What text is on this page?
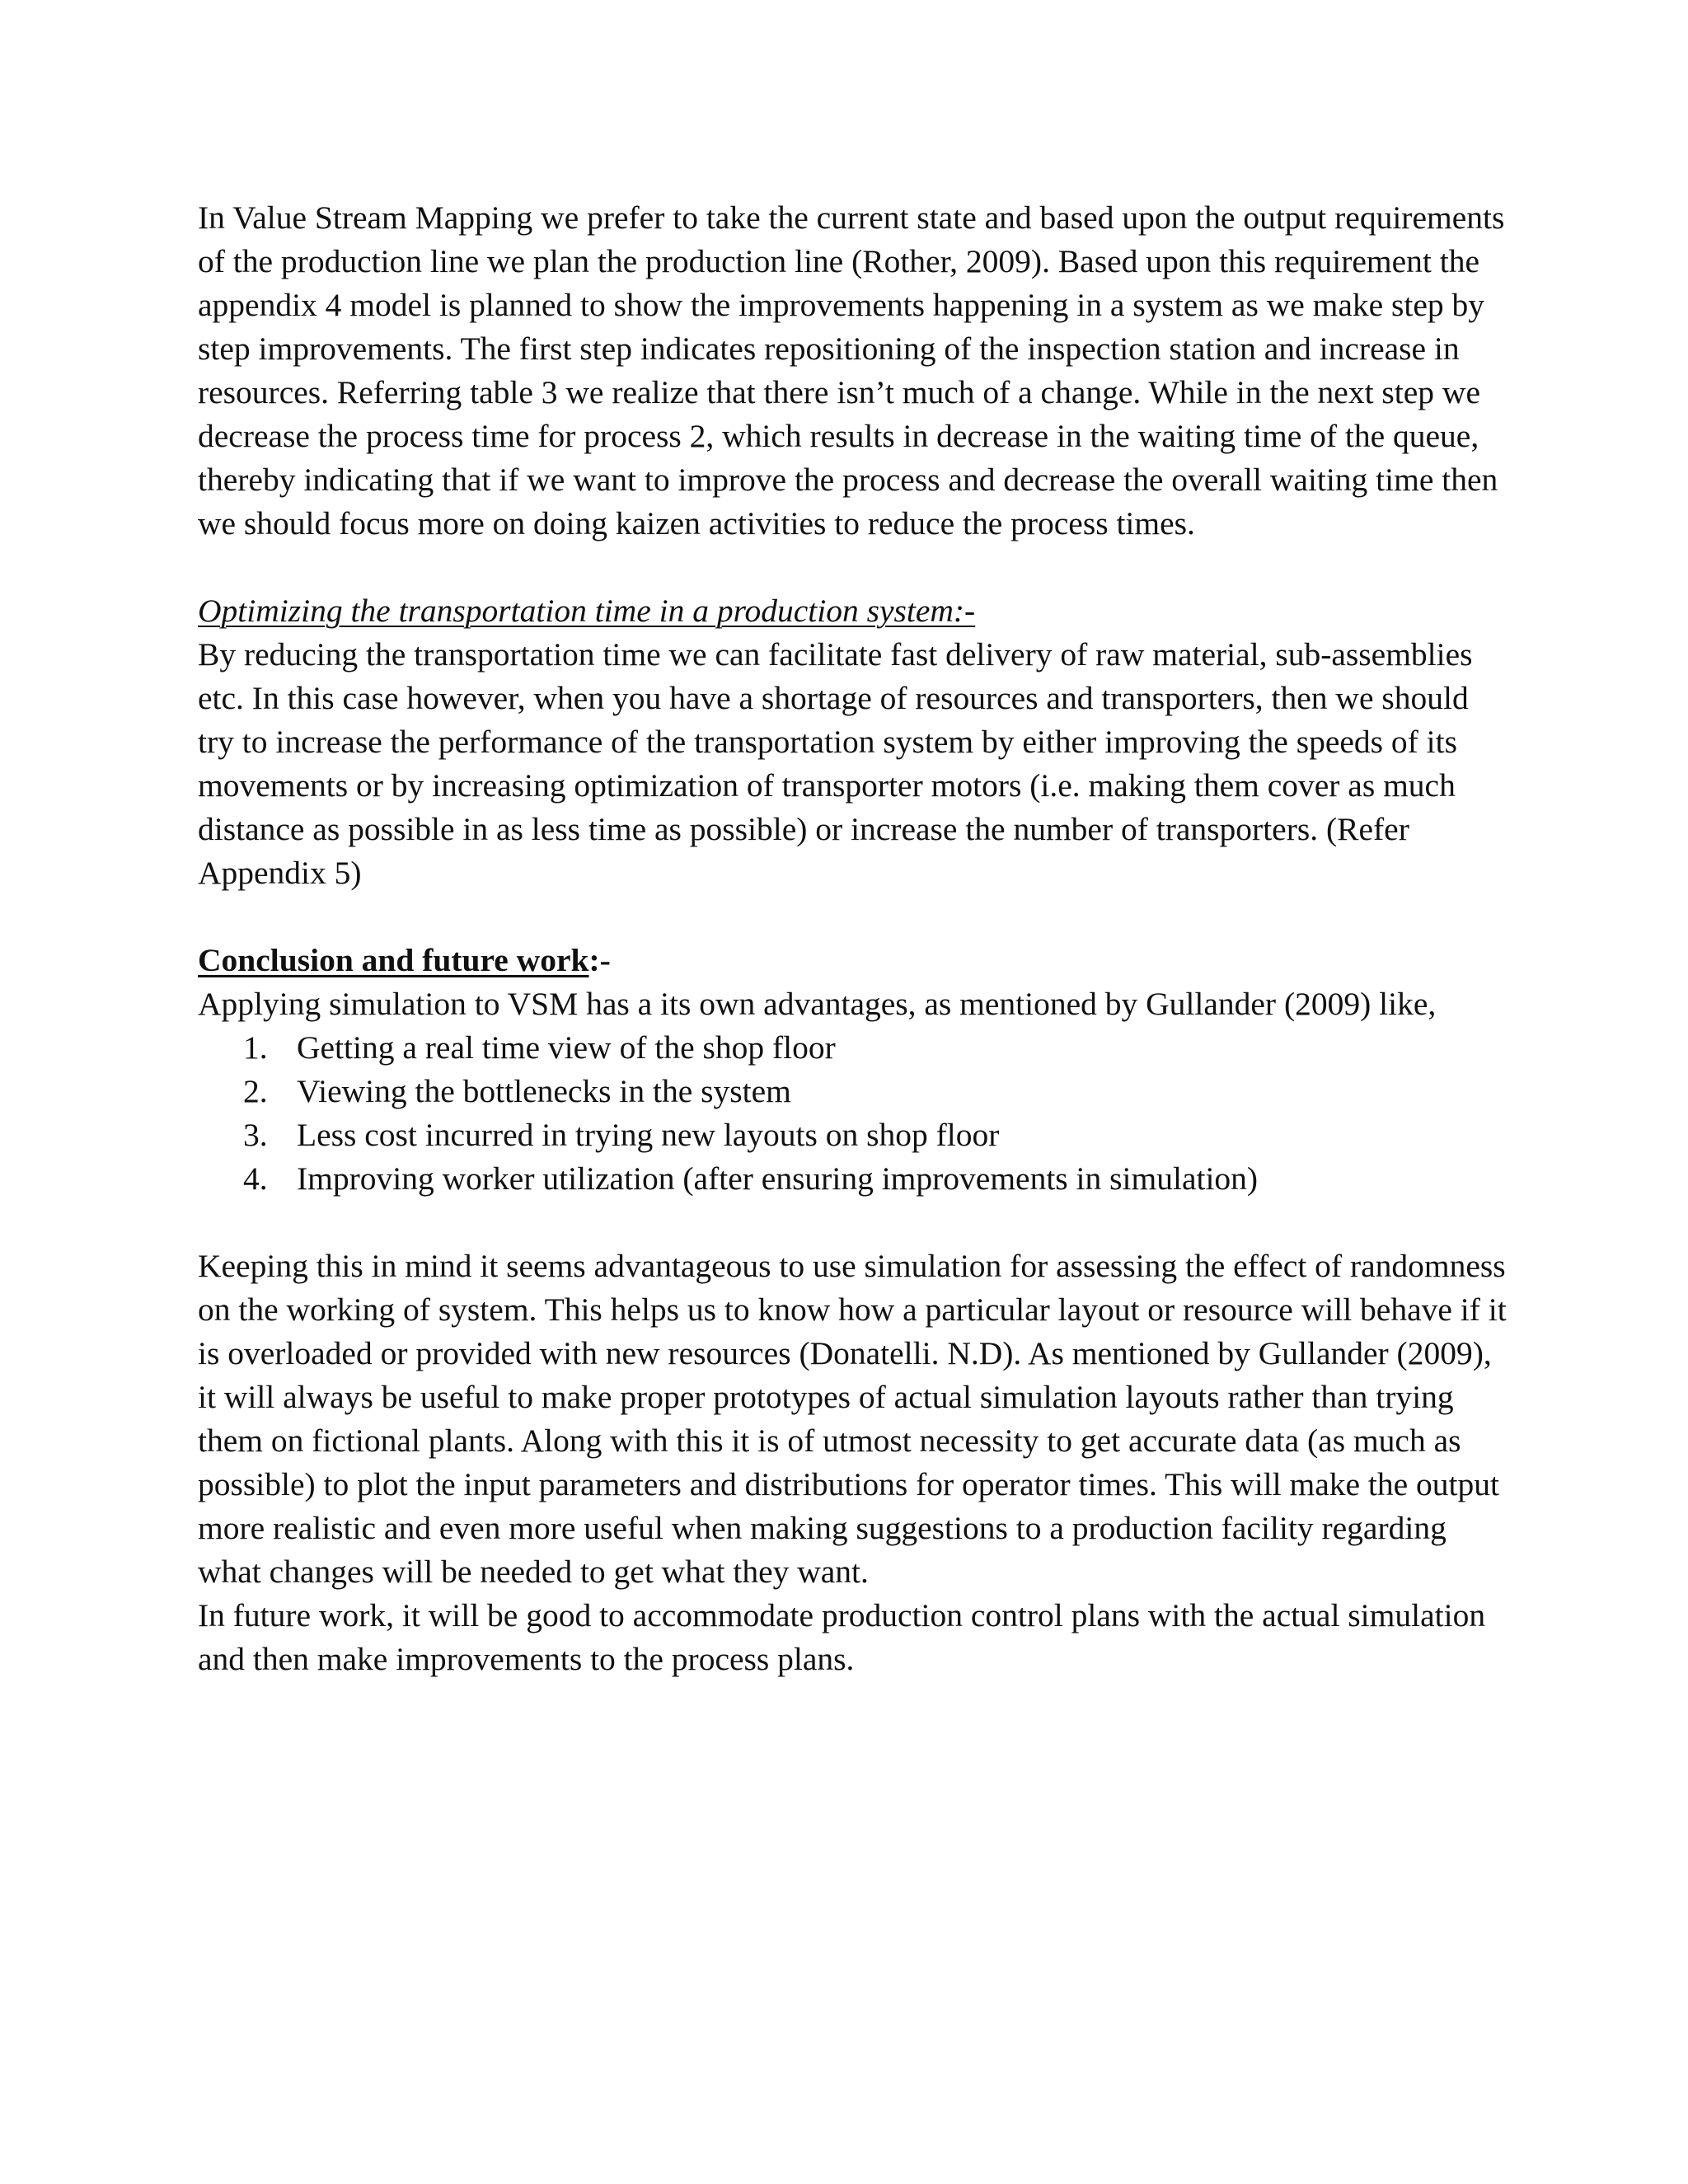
In Value Stream Mapping we prefer to take the current state and based upon the output requirements of the production line we plan the production line (Rother, 2009). Based upon this requirement the appendix 4 model is planned to show the improvements happening in a system as we make step by step improvements. The first step indicates repositioning of the inspection station and increase in resources. Referring table 3 we realize that there isn’t much of a change. While in the next step we decrease the process time for process 2, which results in decrease in the waiting time of the queue, thereby indicating that if we want to improve the process and decrease the overall waiting time then we should focus more on doing kaizen activities to reduce the process times.

Optimizing the transportation time in a production system:-

By reducing the transportation time we can facilitate fast delivery of raw material, sub-assemblies etc. In this case however, when you have a shortage of resources and transporters, then we should try to increase the performance of the transportation system by either improving the speeds of its movements or by increasing optimization of transporter motors (i.e. making them cover as much distance as possible in as less time as possible) or increase the number of transporters. (Refer Appendix 5)

Conclusion and future work:-

Applying simulation to VSM has a its own advantages, as mentioned by Gullander (2009) like,

1. Getting a real time view of the shop floor
2. Viewing the bottlenecks in the system
3. Less cost incurred in trying new layouts on shop floor
4. Improving worker utilization (after ensuring improvements in simulation)

Keeping this in mind it seems advantageous to use simulation for assessing the effect of randomness on the working of system. This helps us to know how a particular layout or resource will behave if it is overloaded or provided with new resources (Donatelli. N.D). As mentioned by Gullander (2009), it will always be useful to make proper prototypes of actual simulation layouts rather than trying them on fictional plants. Along with this it is of utmost necessity to get accurate data (as much as possible) to plot the input parameters and distributions for operator times. This will make the output more realistic and even more useful when making suggestions to a production facility regarding what changes will be needed to get what they want.

In future work, it will be good to accommodate production control plans with the actual simulation and then make improvements to the process plans.
